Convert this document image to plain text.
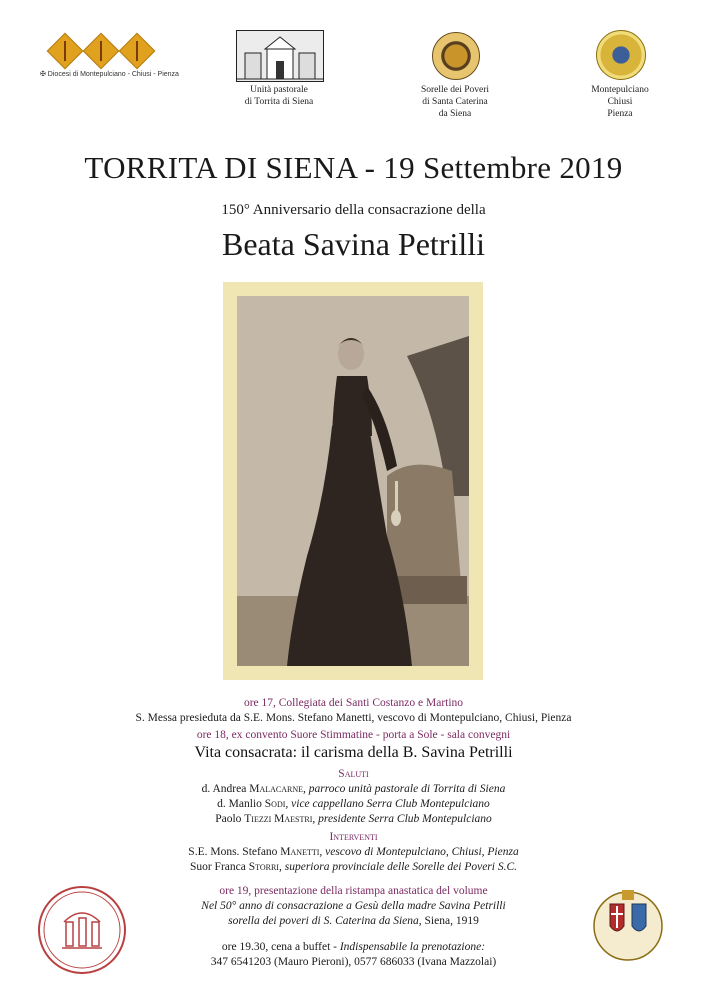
✠ Diocesi di Montepulciano - Chiusi - Pienza
Unità pastorale
di Torrita di Siena
Sorelle dei Poveri
di Santa Caterina
da Siena
Montepulciano
Chiusi
Pienza
TORRITA DI SIENA - 19 Settembre 2019
150° Anniversario della consacrazione della
Beata Savina Petrilli
ore 17, Collegiata dei Santi Costanzo e Martino
S. Messa presieduta da S.E. Mons. Stefano Manetti, vescovo di Montepulciano, Chiusi, Pienza
ore 18, ex convento Suore Stimmatine - porta a Sole - sala convegni
Vita consacrata: il carisma della B. Savina Petrilli
Saluti
d. Andrea Malacarne, parroco unità pastorale di Torrita di Siena
d. Manlio Sodi, vice cappellano Serra Club Montepulciano
Paolo Tiezzi Maestri, presidente Serra Club Montepulciano
Interventi
S.E. Mons. Stefano Manetti, vescovo di Montepulciano, Chiusi, Pienza
Suor Franca Storri, superiora provinciale delle Sorelle dei Poveri S.C.
ore 19, presentazione della ristampa anastatica del volume
Nel 50° anno di consacrazione a Gesù della madre Savina Petrilli
sorella dei poveri di S. Caterina da Siena, Siena, 1919
ore 19.30, cena a buffet - Indispensabile la prenotazione:
347 6541203 (Mauro Pieroni), 0577 686033 (Ivana Mazzolai)
